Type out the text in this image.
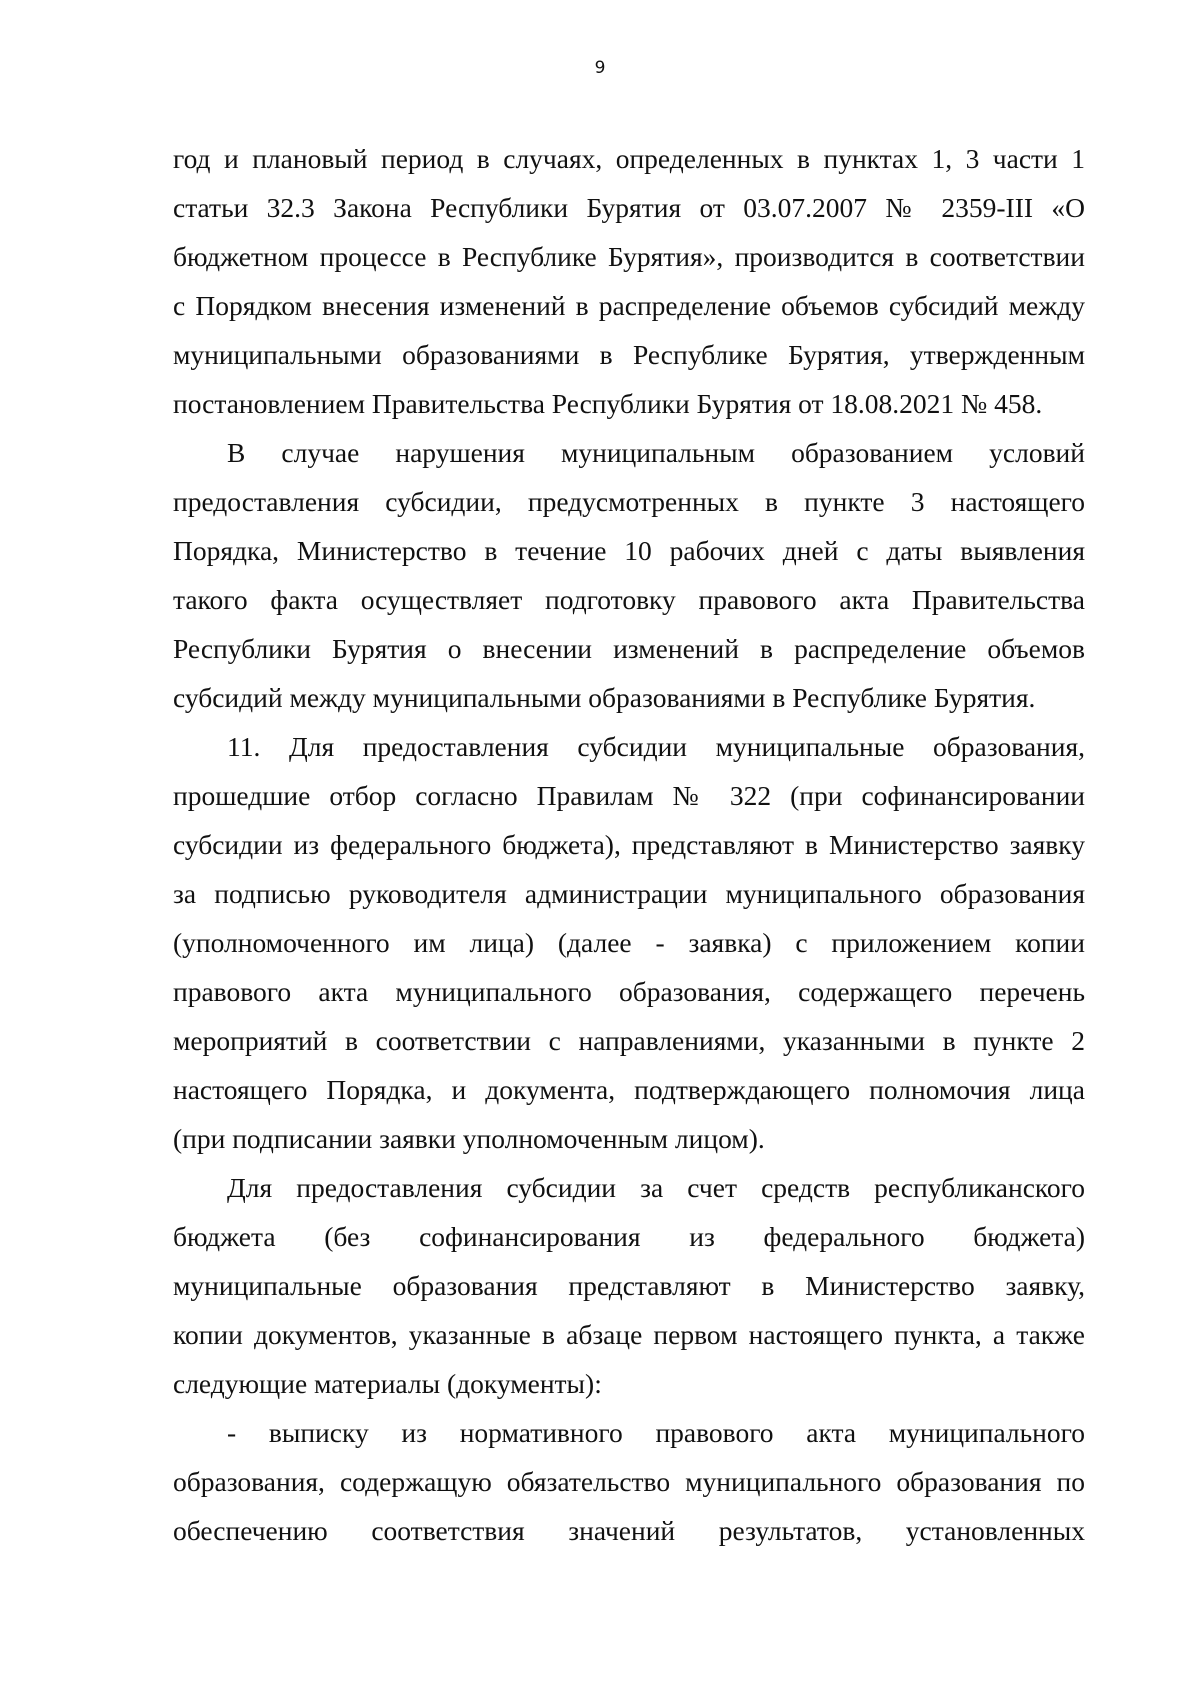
9
год и плановый период в случаях, определенных в пунктах 1, 3 части 1
статьи 32.3 Закона Республики Бурятия от 03.07.2007 № 2359-III «О
бюджетном процессе в Республике Бурятия», производится в соответствии
с Порядком внесения изменений в распределение объемов субсидий между
муниципальными образованиями в Республике Бурятия, утвержденным
постановлением Правительства Республики Бурятия от 18.08.2021 № 458.
В случае нарушения муниципальным образованием условий
предоставления субсидии, предусмотренных в пункте 3 настоящего
Порядка, Министерство в течение 10 рабочих дней с даты выявления
такого факта осуществляет подготовку правового акта Правительства
Республики Бурятия о внесении изменений в распределение объемов
субсидий между муниципальными образованиями в Республике Бурятия.
11. Для предоставления субсидии муниципальные образования,
прошедшие отбор согласно Правилам № 322 (при софинансировании
субсидии из федерального бюджета), представляют в Министерство заявку
за подписью руководителя администрации муниципального образования
(уполномоченного им лица) (далее - заявка) с приложением копии
правового акта муниципального образования, содержащего перечень
мероприятий в соответствии с направлениями, указанными в пункте 2
настоящего Порядка, и документа, подтверждающего полномочия лица
(при подписании заявки уполномоченным лицом).
Для предоставления субсидии за счет средств республиканского
бюджета (без софинансирования из федерального бюджета)
муниципальные образования представляют в Министерство заявку,
копии документов, указанные в абзаце первом настоящего пункта, а также
следующие материалы (документы):
- выписку из нормативного правового акта муниципального
образования, содержащую обязательство муниципального образования по
обеспечению соответствия значений результатов, установленных
